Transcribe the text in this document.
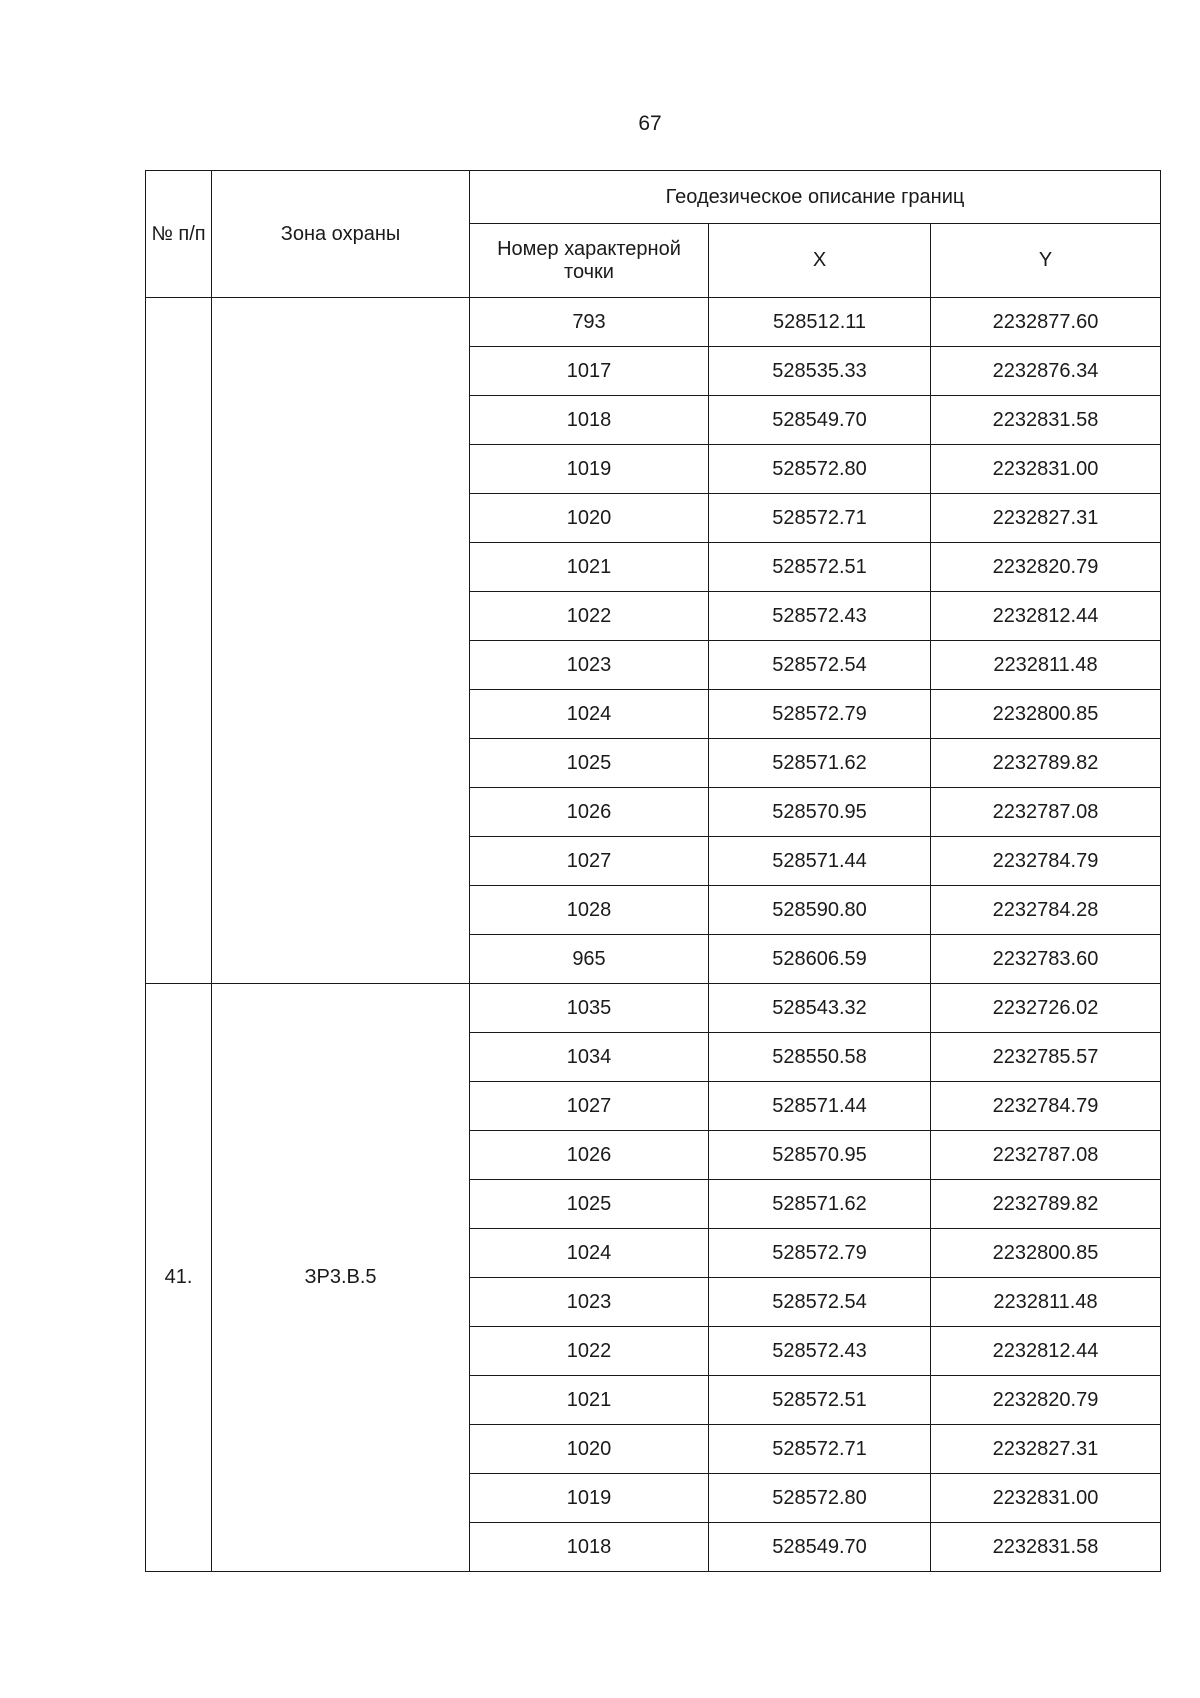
67
№ п/п	Зона охраны	Геодезическое описание границ		
		Номер характерной точки	X	Y
		793	528512.11	2232877.60
		1017	528535.33	2232876.34
		1018	528549.70	2232831.58
		1019	528572.80	2232831.00
		1020	528572.71	2232827.31
		1021	528572.51	2232820.79
		1022	528572.43	2232812.44
		1023	528572.54	2232811.48
		1024	528572.79	2232800.85
		1025	528571.62	2232789.82
		1026	528570.95	2232787.08
		1027	528571.44	2232784.79
		1028	528590.80	2232784.28
		965	528606.59	2232783.60
41.	ЗР3.В.5	1035	528543.32	2232726.02
		1034	528550.58	2232785.57
		1027	528571.44	2232784.79
		1026	528570.95	2232787.08
		1025	528571.62	2232789.82
		1024	528572.79	2232800.85
		1023	528572.54	2232811.48
		1022	528572.43	2232812.44
		1021	528572.51	2232820.79
		1020	528572.71	2232827.31
		1019	528572.80	2232831.00
		1018	528549.70	2232831.58
